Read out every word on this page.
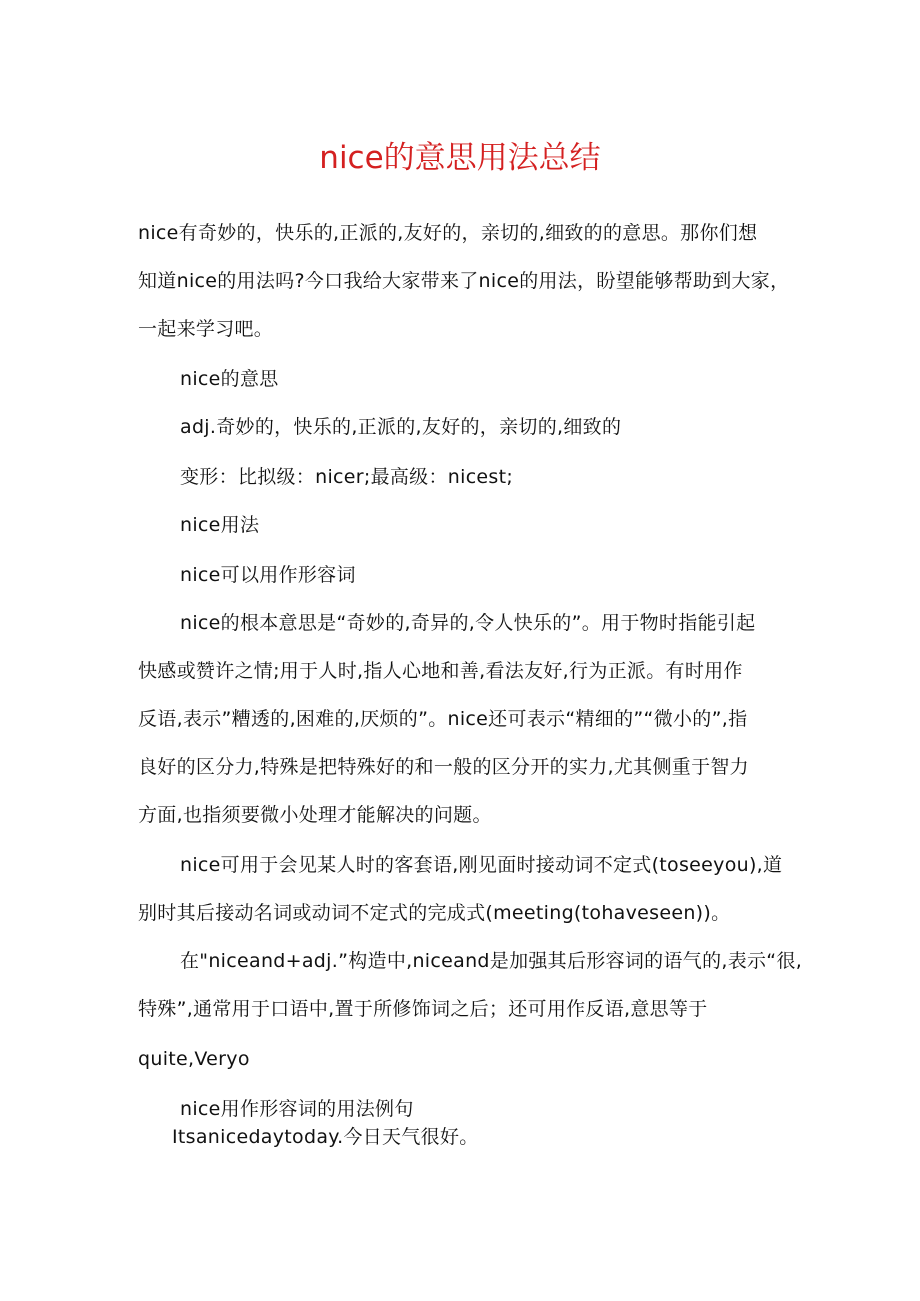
nice的意思用法总结
nice有奇妙的，快乐的,正派的,友好的，亲切的,细致的的意思。那你们想
知道nice的用法吗?今口我给大家带来了nice的用法，盼望能够帮助到大家，
一起来学习吧。
nice的意思
adj.奇妙的，快乐的,正派的,友好的，亲切的,细致的
变形：比拟级：nicer;最高级：nicest;
nice用法
nice可以用作形容词
nice的根本意思是“奇妙的,奇异的,令人快乐的”。用于物时指能引起
快感或赞许之情;用于人时,指人心地和善,看法友好,行为正派。有时用作
反语,表示”糟透的,困难的,厌烦的”。nice还可表示“精细的”“微小的”,指
良好的区分力,特殊是把特殊好的和一般的区分开的实力,尤其侧重于智力
方面,也指须要微小处理才能解决的问题。
nice可用于会见某人时的客套语,刚见面时接动词不定式(toseeyou),道
别时其后接动名词或动词不定式的完成式(meeting(tohaveseen))。
在"niceand+adj.”构造中,niceand是加强其后形容词的语气的,表示“很,
特殊”,通常用于口语中,置于所修饰词之后；还可用作反语,意思等于
quite,Veryo
nice用作形容词的用法例句
Itsanicedaytoday.今日天气很好。
